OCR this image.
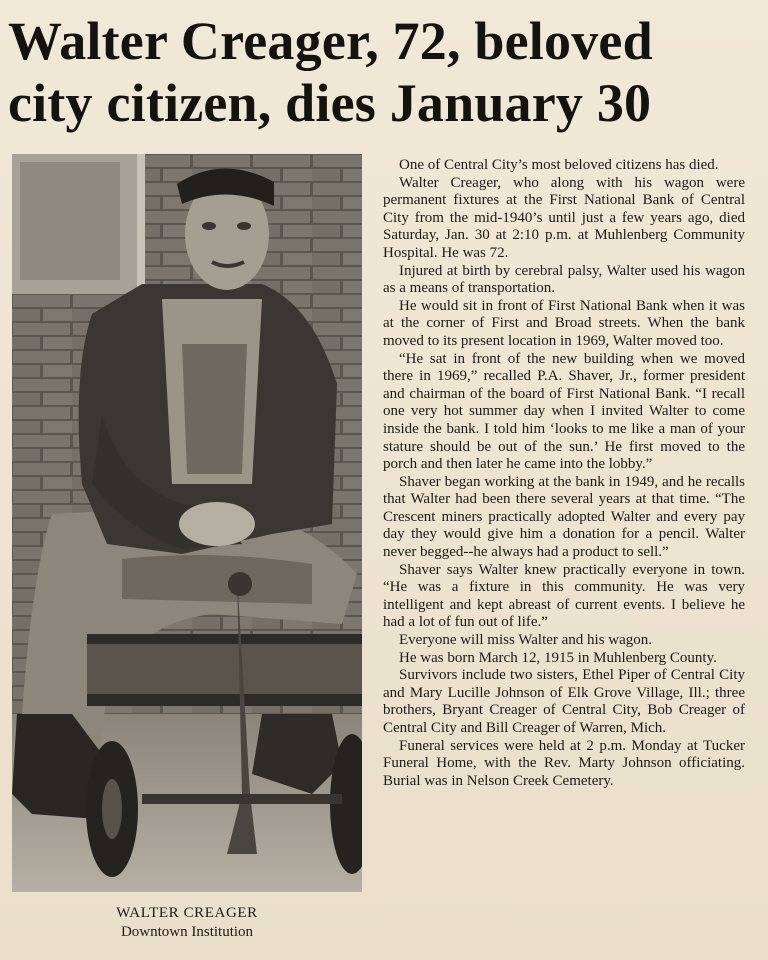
Walter Creager, 72, beloved
city citizen, dies January 30
WALTER CREAGER
Downtown Institution

One of Central City’s most beloved citizens has died.

Walter Creager, who along with his wagon were permanent fixtures at the First National Bank of Central City from the mid-1940’s until just a few years ago, died Saturday, Jan. 30 at 2:10 p.m. at Muhlenberg Community Hospital. He was 72.

Injured at birth by cerebral palsy, Walter used his wagon as a means of transportation.

He would sit in front of First National Bank when it was at the corner of First and Broad streets. When the bank moved to its present location in 1969, Walter moved too.

“He sat in front of the new building when we moved there in 1969,” recalled P.A. Shaver, Jr., former president and chairman of the board of First National Bank. “I recall one very hot summer day when I invited Walter to come inside the bank. I told him ‘looks to me like a man of your stature should be out of the sun.’ He first moved to the porch and then later he came into the lobby.”

Shaver began working at the bank in 1949, and he recalls that Walter had been there several years at that time. “The Crescent miners practically adopted Walter and every pay day they would give him a donation for a pencil. Walter never begged--he always had a product to sell.”

Shaver says Walter knew practically everyone in town. “He was a fixture in this community. He was very intelligent and kept abreast of current events. I believe he had a lot of fun out of life.”

Everyone will miss Walter and his wagon.

He was born March 12, 1915 in Muhlenberg County.

Survivors include two sisters, Ethel Piper of Central City and Mary Lucille Johnson of Elk Grove Village, Ill.; three brothers, Bryant Creager of Central City, Bob Creager of Central City and Bill Creager of Warren, Mich.

Funeral services were held at 2 p.m. Monday at Tucker Funeral Home, with the Rev. Marty Johnson officiating. Burial was in Nelson Creek Cemetery.
